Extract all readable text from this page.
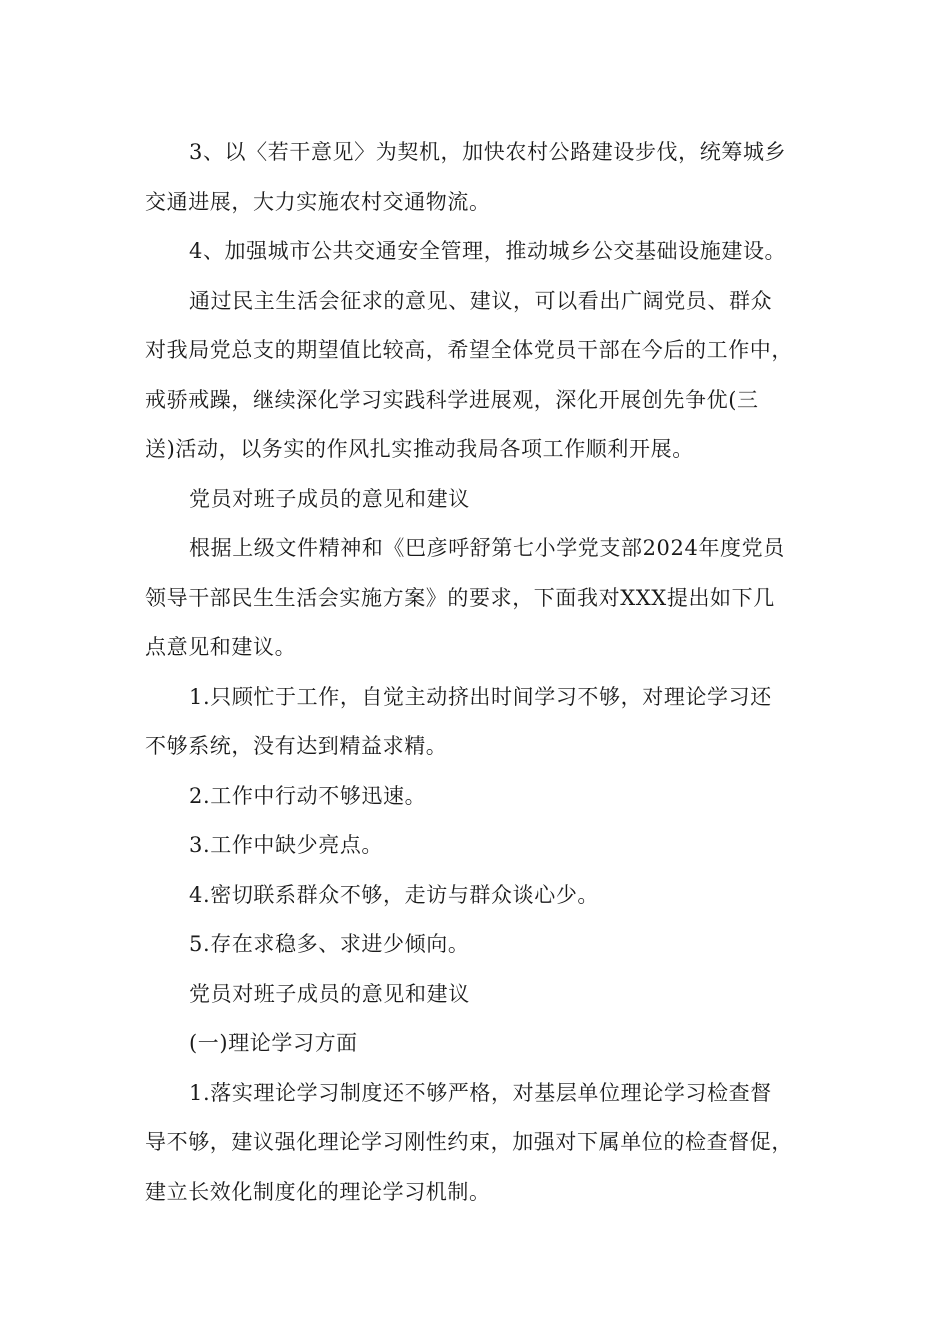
3、以〈若干意见〉为契机，加快农村公路建设步伐，统筹城乡
交通进展，大力实施农村交通物流。
4、加强城市公共交通安全管理，推动城乡公交基础设施建设。
通过民主生活会征求的意见、建议，可以看出广阔党员、群众
对我局党总支的期望值比较高，希望全体党员干部在今后的工作中，
戒骄戒躁，继续深化学习实践科学进展观，深化开展创先争优(三
送)活动，以务实的作风扎实推动我局各项工作顺利开展。
党员对班子成员的意见和建议
根据上级文件精神和《巴彦呼舒第七小学党支部2024年度党员
领导干部民生生活会实施方案》的要求，下面我对XXX提出如下几
点意见和建议。
1.只顾忙于工作，自觉主动挤出时间学习不够，对理论学习还
不够系统，没有达到精益求精。
2.工作中行动不够迅速。
3.工作中缺少亮点。
4.密切联系群众不够，走访与群众谈心少。
5.存在求稳多、求进少倾向。
党员对班子成员的意见和建议
(一)理论学习方面
1.落实理论学习制度还不够严格，对基层单位理论学习检查督
导不够，建议强化理论学习刚性约束，加强对下属单位的检查督促，
建立长效化制度化的理论学习机制。
